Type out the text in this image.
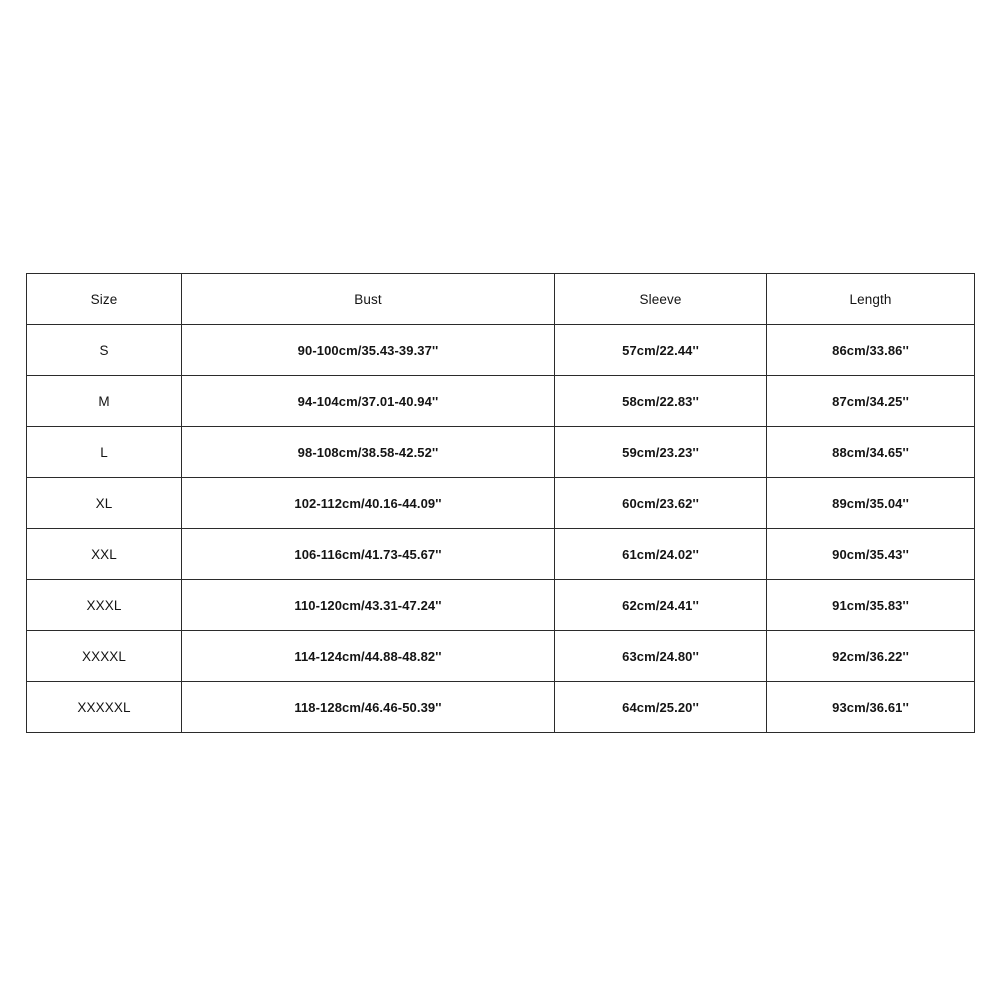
Size	Bust	Sleeve	Length
S	90-100cm/35.43-39.37''	57cm/22.44''	86cm/33.86''
M	94-104cm/37.01-40.94''	58cm/22.83''	87cm/34.25''
L	98-108cm/38.58-42.52''	59cm/23.23''	88cm/34.65''
XL	102-112cm/40.16-44.09''	60cm/23.62''	89cm/35.04''
XXL	106-116cm/41.73-45.67''	61cm/24.02''	90cm/35.43''
XXXL	110-120cm/43.31-47.24''	62cm/24.41''	91cm/35.83''
XXXXL	114-124cm/44.88-48.82''	63cm/24.80''	92cm/36.22''
XXXXXL	118-128cm/46.46-50.39''	64cm/25.20''	93cm/36.61''
